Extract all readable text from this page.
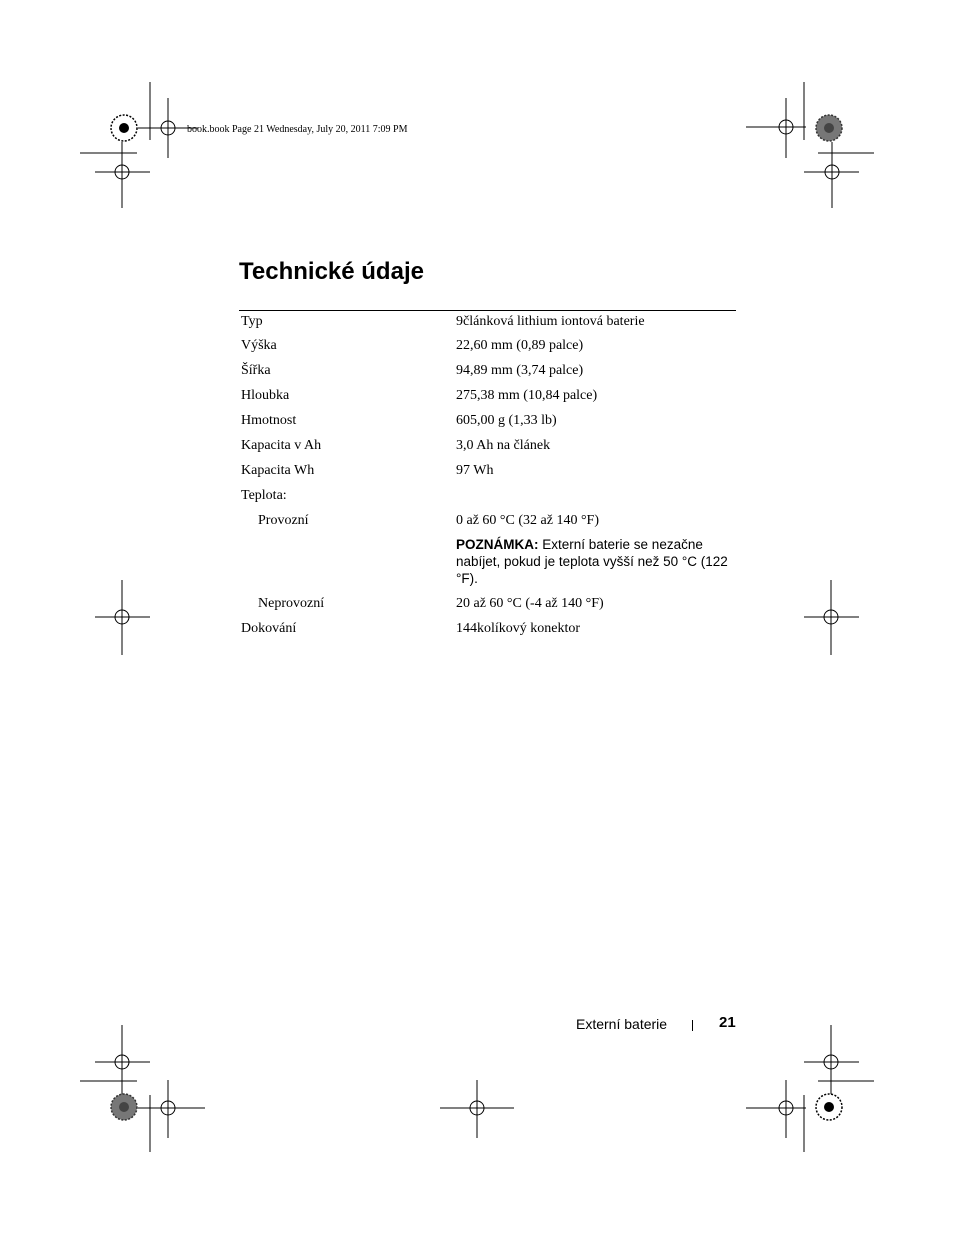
book.book Page 21 Wednesday, July 20, 2011 7:09 PM
Technické údaje
Typ	9článková lithium iontová baterie
Výška	22,60 mm (0,89 palce)
Šířka	94,89 mm (3,74 palce)
Hloubka	275,38 mm (10,84 palce)
Hmotnost	605,00 g (1,33 lb)
Kapacita v Ah	3,0 Ah na článek
Kapacita Wh	97 Wh
Teplota:
Provozní	0 až 60 °C (32 až 140 °F)
POZNÁMKA: Externí baterie se nezačne nabíjet, pokud je teplota vyšší než 50 °C (122 °F).
Neprovozní	20 až 60 °C (-4 až 140 °F)
Dokování	144kolíkový konektor
Externí baterie	21
